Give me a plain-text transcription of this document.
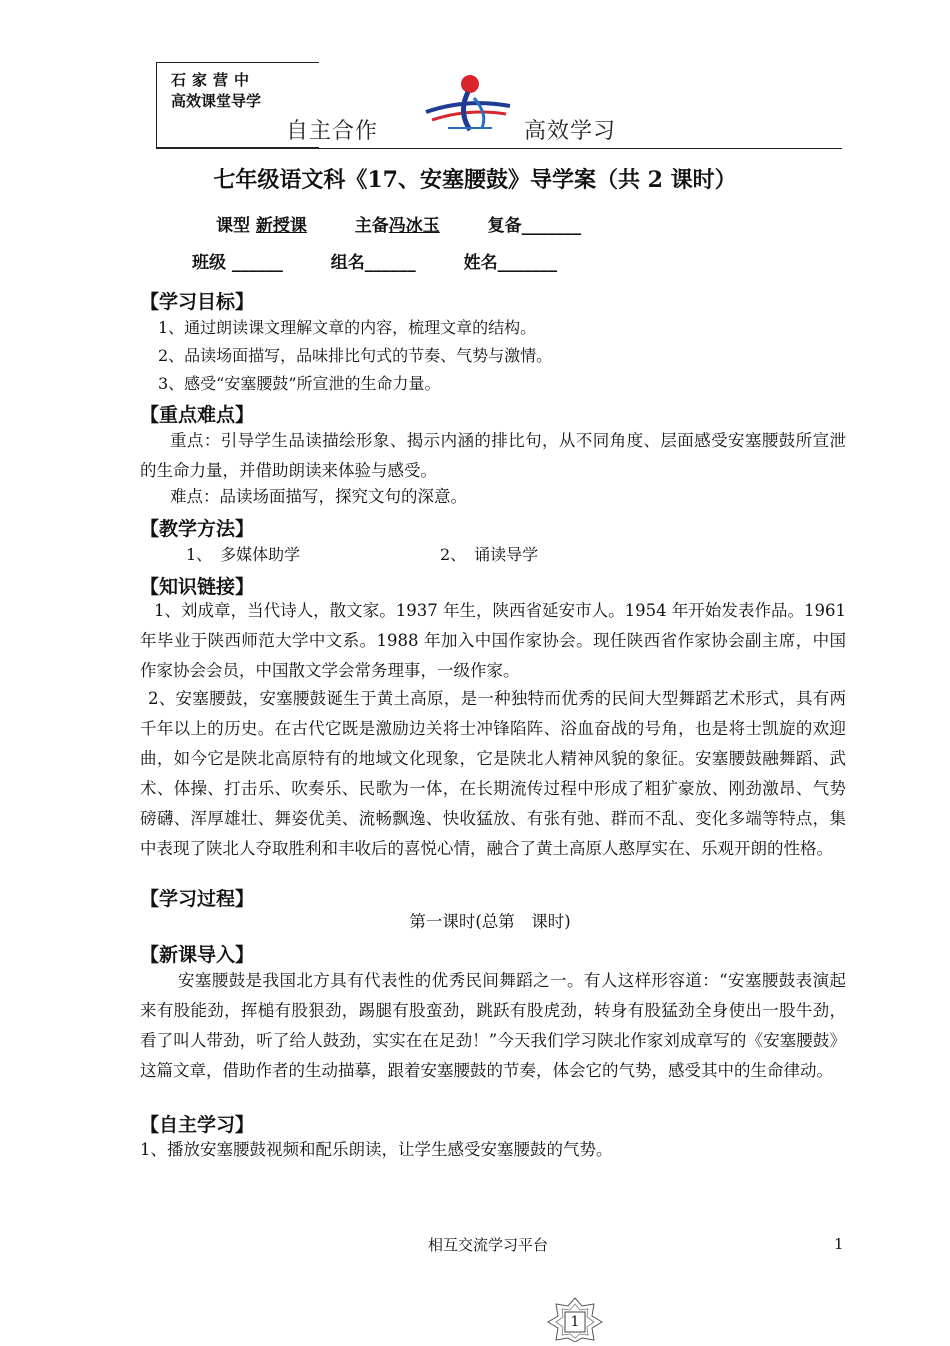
石家营中
高效课堂导学
自主合作	高效学习
七年级语文科《17、安塞腰鼓》导学案（共 2 课时）
课型 新授课	主备冯冰玉	复备_______
班级 ______	组名______	姓名_______
【学习目标】
1、通过朗读课文理解文章的内容，梳理文章的结构。
2、品读场面描写，品味排比句式的节奏、气势与激情。
3、感受“安塞腰鼓”所宣泄的生命力量。
【重点难点】
重点：引导学生品读描绘形象、揭示内涵的排比句，从不同角度、层面感受安塞腰鼓所宣泄的生命力量，并借助朗读来体验与感受。
难点：品读场面描写，探究文句的深意。
【教学方法】
1、　多媒体助学	2、　诵读导学
【知识链接】
1、刘成章，当代诗人，散文家。1937 年生，陕西省延安市人。1954 年开始发表作品。1961 年毕业于陕西师范大学中文系。1988 年加入中国作家协会。现任陕西省作家协会副主席，中国作家协会会员，中国散文学会常务理事，一级作家。
2、安塞腰鼓，安塞腰鼓诞生于黄土高原，是一种独特而优秀的民间大型舞蹈艺术形式，具有两千年以上的历史。在古代它既是激励边关将士冲锋陷阵、浴血奋战的号角，也是将士凯旋的欢迎曲，如今它是陕北高原特有的地域文化现象，它是陕北人精神风貌的象征。安塞腰鼓融舞蹈、武术、体操、打击乐、吹奏乐、民歌为一体，在长期流传过程中形成了粗犷豪放、刚劲激昂、气势磅礴、浑厚雄壮、舞姿优美、流畅飘逸、快收猛放、有张有弛、群而不乱、变化多端等特点，集中表现了陕北人夺取胜利和丰收后的喜悦心情，融合了黄土高原人憨厚实在、乐观开朗的性格。
【学习过程】
第一课时(总第　课时)
【新课导入】
安塞腰鼓是我国北方具有代表性的优秀民间舞蹈之一。有人这样形容道：“安塞腰鼓表演起来有股能劲，挥槌有股狠劲，踢腿有股蛮劲，跳跃有股虎劲，转身有股猛劲全身使出一股牛劲，看了叫人带劲，听了给人鼓劲，实实在在足劲！”今天我们学习陕北作家刘成章写的《安塞腰鼓》这篇文章，借助作者的生动描摹，跟着安塞腰鼓的节奏，体会它的气势，感受其中的生命律动。
【自主学习】
1、播放安塞腰鼓视频和配乐朗读，让学生感受安塞腰鼓的气势。
相互交流学习平台	1
1
